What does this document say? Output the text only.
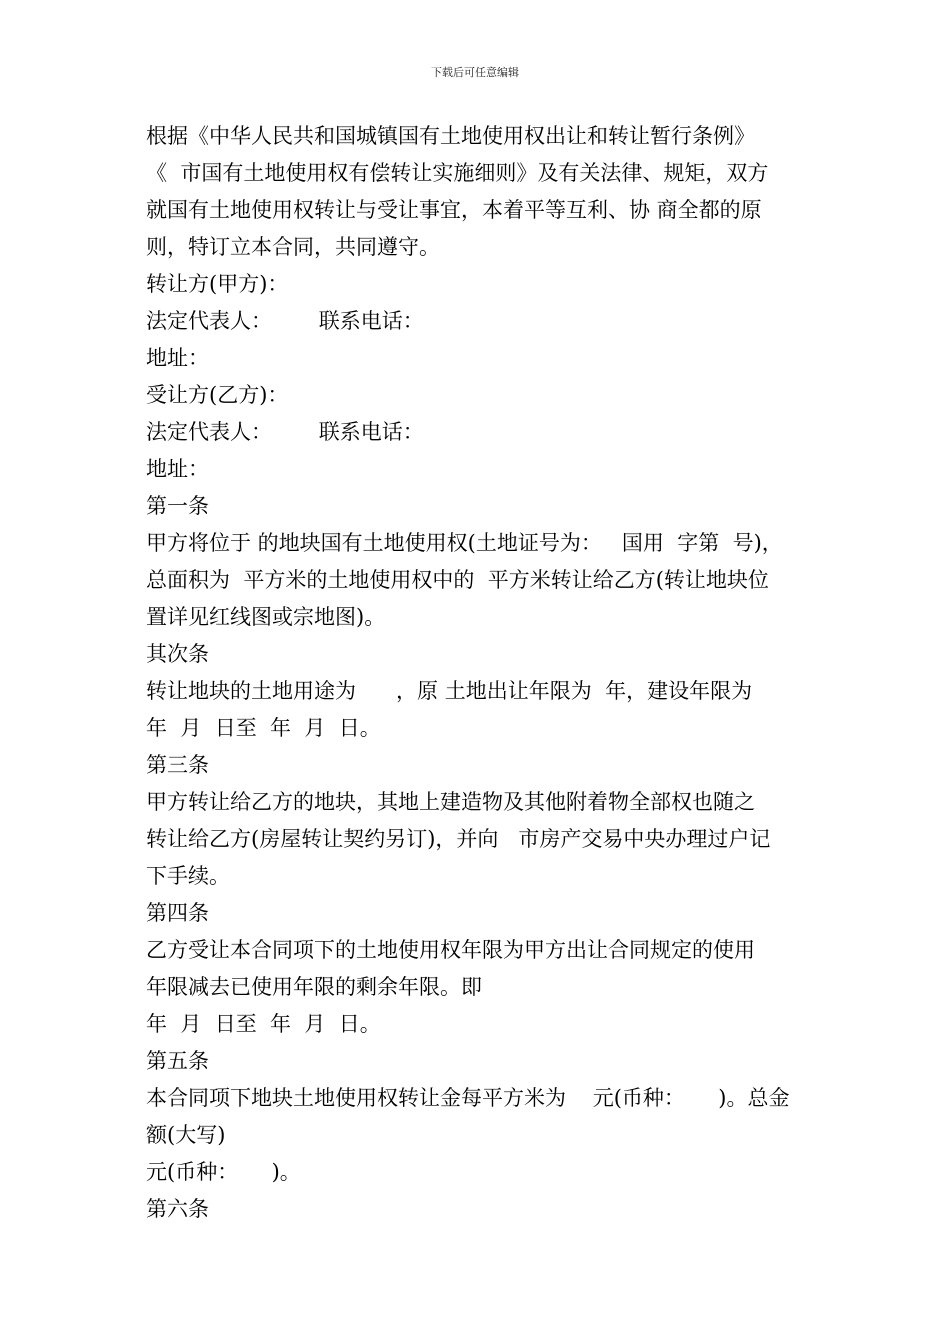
下载后可任意编辑
根据《中华人民共和国城镇国有土地使用权出让和转让暂行条例》
《  市国有土地使用权有偿转让实施细则》及有关法律、规矩，双方
就国有土地使用权转让与受让事宜，本着平等互利、协 商全都的原
则，特订立本合同，共同遵守。
转让方(甲方)：
法定代表人：       联系电话：
地址：
受让方(乙方)：
法定代表人：       联系电话：
地址：
第一条
甲方将位于 的地块国有土地使用权(土地证号为：   国用  字第  号)，
总面积为  平方米的土地使用权中的  平方米转让给乙方(转让地块位
置详见红线图或宗地图)。
其次条
转让地块的土地用途为      ，原 土地出让年限为  年，建设年限为
年  月  日至  年  月  日。
第三条
甲方转让给乙方的地块，其地上建造物及其他附着物全部权也随之
转让给乙方(房屋转让契约另订)，并向   市房产交易中央办理过户记
下手续。
第四条
乙方受让本合同项下的土地使用权年限为甲方出让合同规定的使用
年限减去已使用年限的剩余年限。即
年  月  日至  年  月  日。
第五条
本合同项下地块土地使用权转让金每平方米为    元(币种：     )。总金
额(大写)
元(币种：     )。
第六条
